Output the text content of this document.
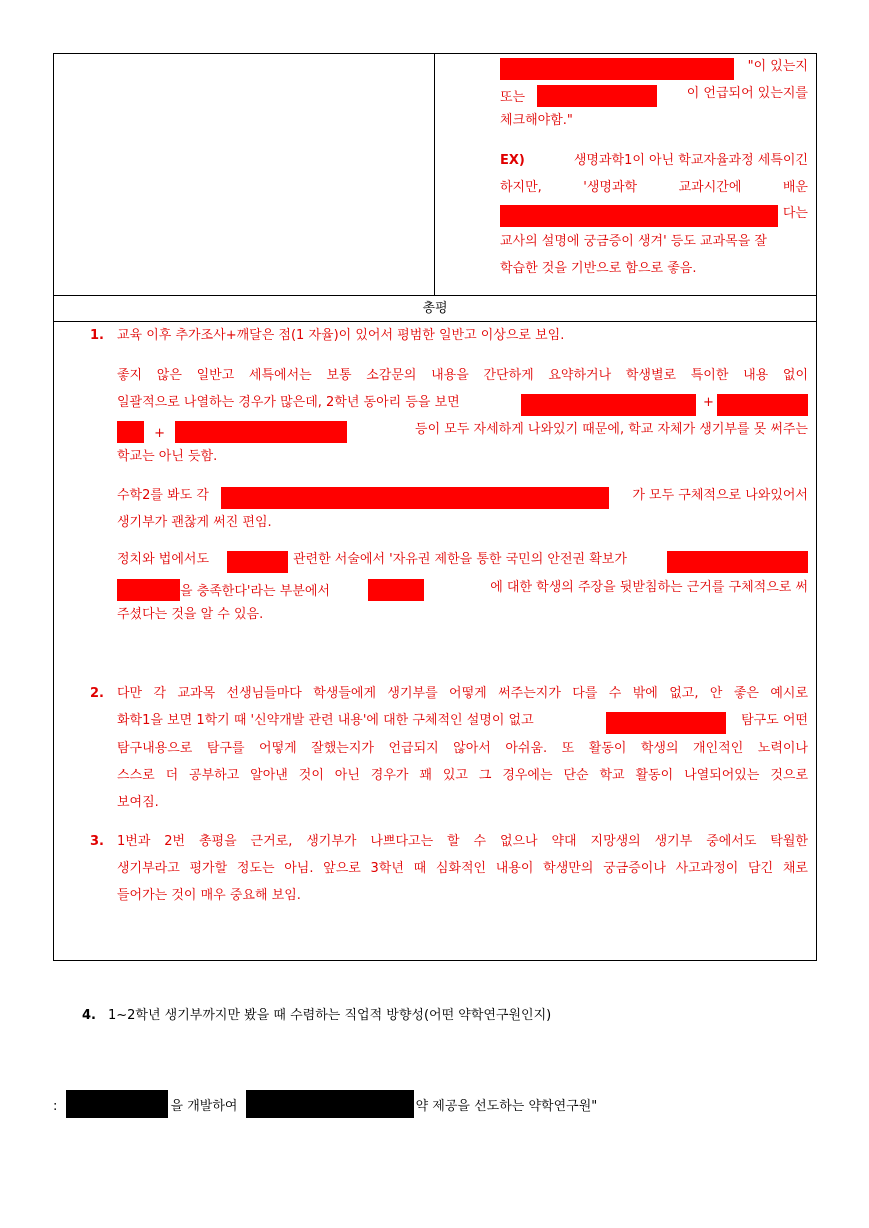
"이 있는지
또는	이 언급되어 있는지를
체크해야함."
EX)	생명과학1이 아닌 학교자율과정 세특이긴
하지만, '생명과학 교과시간에 배운
다는
교사의 설명에 궁금증이 생겨' 등도 교과목을 잘
학습한 것을 기반으로 함으로 좋음.
총평
1. 교육 이후 추가조사+깨달은 점(1 자율)이 있어서 평범한 일반고 이상으로 보임.
좋지 않은 일반고 세특에서는 보통 소감문의 내용을 간단하게 요약하거나 학생별로 특이한 내용 없이
일괄적으로 나열하는 경우가 많은데, 2학년 동아리 등을 보면	+
+	등이 모두 자세하게 나와있기 때문에, 학교 자체가 생기부를 못 써주는
학교는 아닌 듯함.
수학2를 봐도 각	가 모두 구체적으로 나와있어서
생기부가 괜찮게 써진 편임.
정치와 법에서도	관련한 서술에서 '자유권 제한을 통한 국민의 안전권 확보가
을 충족한다'라는 부분에서	에 대한 학생의 주장을 뒷받침하는 근거를 구체적으로 써
주셨다는 것을 알 수 있음.
2. 다만 각 교과목 선생님들마다 학생들에게 생기부를 어떻게 써주는지가 다를 수 밖에 없고, 안 좋은 예시로
화학1을 보면 1학기 때 '신약개발 관련 내용'에 대한 구체적인 설명이 없고	탐구도 어떤
탐구내용으로 탐구를 어떻게 잘했는지가 언급되지 않아서 아쉬움. 또 활동이 학생의 개인적인 노력이나
스스로 더 공부하고 알아낸 것이 아닌 경우가 꽤 있고 그 경우에는 단순 학교 활동이 나열되어있는 것으로
보여짐.
3. 1번과 2번 총평을 근거로, 생기부가 나쁘다고는 할 수 없으나 약대 지망생의 생기부 중에서도 탁월한
생기부라고 평가할 정도는 아님. 앞으로 3학년 때 심화적인 내용이 학생만의 궁금증이나 사고과정이 담긴 채로
들어가는 것이 매우 중요해 보임.
4. 1~2학년 생기부까지만 봤을 때 수렴하는 직업적 방향성(어떤 약학연구원인지)
:	을 개발하여	약 제공을 선도하는 약학연구원"
